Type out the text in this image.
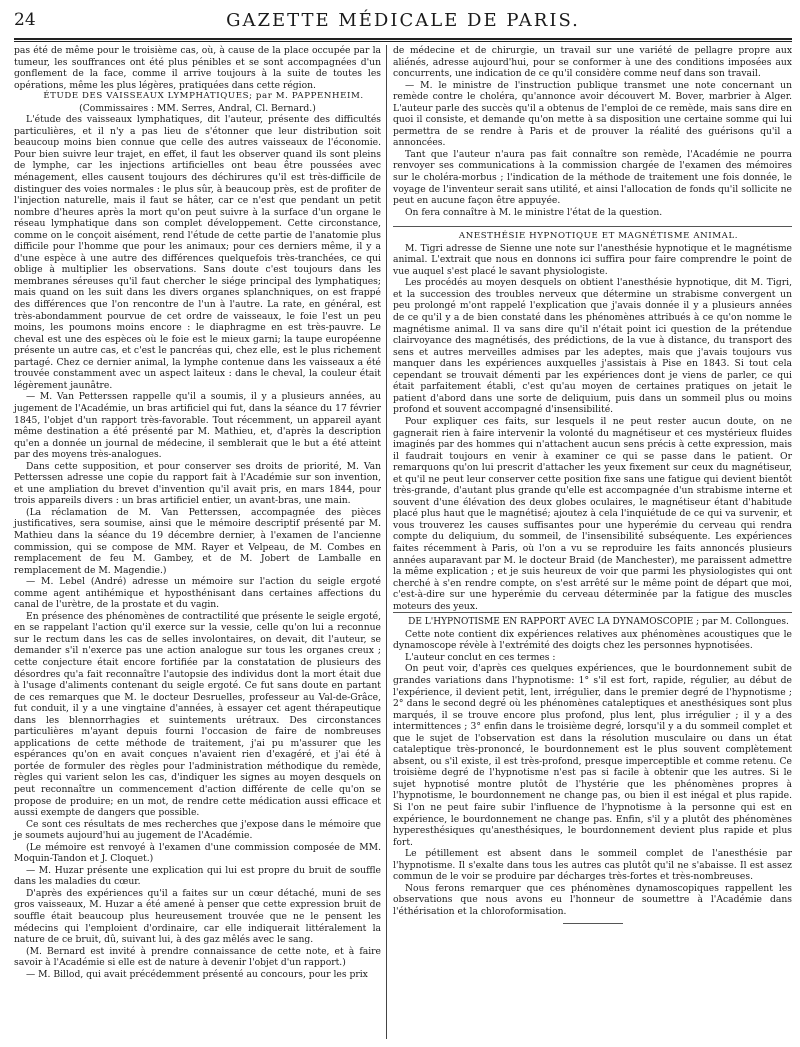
24	GAZETTE MÉDICALE DE PARIS.

pas été de même pour le troisième cas, où, à cause de la place occupée par la tumeur, les souffrances ont été plus pénibles et se sont accompagnées d'un gonflement de la face, comme il arrive toujours à la suite de toutes les opérations, même les plus légères, pratiquées dans cette région.

ÉTUDE DES VAISSEAUX LYMPHATIQUES; par M. PAPPENHEIM.

(Commissaires : MM. Serres, Andral, Cl. Bernard.)

L'étude des vaisseaux lymphatiques, dit l'auteur, présente des difficultés particulières, et il n'y a pas lieu de s'étonner que leur distribution soit beaucoup moins bien connue que celle des autres vaisseaux de l'économie. Pour bien suivre leur trajet, en effet, il faut les observer quand ils sont pleins de lymphe, car les injections artificielles ont beau être poussées avec ménagement, elles causent toujours des déchirures qu'il est très-difficile de distinguer des voies normales : le plus sûr, à beaucoup près, est de profiter de l'injection naturelle, mais il faut se hâter, car ce n'est que pendant un petit nombre d'heures après la mort qu'on peut suivre à la surface d'un organe le réseau lymphatique dans son complet développement. Cette circonstance, comme on le conçoit aisément, rend l'étude de cette partie de l'anatomie plus difficile pour l'homme que pour les animaux; pour ces derniers même, il y a d'une espèce à une autre des différences quelquefois très-tranchées, ce qui oblige à multiplier les observations. Sans doute c'est toujours dans les membranes séreuses qu'il faut chercher le siége principal des lymphatiques; mais quand on les suit dans les divers organes splanchniques, on est frappé des différences que l'on rencontre de l'un à l'autre. La rate, en général, est très-abondamment pourvue de cet ordre de vaisseaux, le foie l'est un peu moins, les poumons moins encore : le diaphragme en est très-pauvre. Le cheval est une des espèces où le foie est le mieux garni; la taupe européenne présente un autre cas, et c'est le pancréas qui, chez elle, est le plus richement partagé. Chez ce dernier animal, la lymphe contenue dans les vaisseaux a été trouvée constamment avec un aspect laiteux : dans le cheval, la couleur était légèrement jaunâtre.

— M. Van Petterssen rappelle qu'il a soumis, il y a plusieurs années, au jugement de l'Académie, un bras artificiel qui fut, dans la séance du 17 février 1845, l'objet d'un rapport très-favorable. Tout récemment, un appareil ayant même destination a été présenté par M. Mathieu, et, d'après la description qu'en a donnée un journal de médecine, il semblerait que le but a été atteint par des moyens très-analogues.

Dans cette supposition, et pour conserver ses droits de priorité, M. Van Petterssen adresse une copie du rapport fait à l'Académie sur son invention, et une ampliation du brevet d'invention qu'il avait pris, en mars 1844, pour trois appareils divers : un bras artificiel entier, un avant-bras, une main.

(La réclamation de M. Van Petterssen, accompagnée des pièces justificatives, sera soumise, ainsi que le mémoire descriptif présenté par M. Mathieu dans la séance du 19 décembre dernier, à l'examen de l'ancienne commission, qui se compose de MM. Rayer et Velpeau, de M. Combes en remplacement de feu M. Gambey, et de M. Jobert de Lamballe en remplacement de M. Magendie.)

— M. Lebel (André) adresse un mémoire sur l'action du seigle ergoté comme agent antihémique et hyposthénisant dans certaines affections du canal de l'urètre, de la prostate et du vagin.

En présence des phénomènes de contractilité que présente le seigle ergoté, en se rappelant l'action qu'il exerce sur la vessie, celle qu'on lui a reconnue sur le rectum dans les cas de selles involontaires, on devait, dit l'auteur, se demander s'il n'exerce pas une action analogue sur tous les organes creux ; cette conjecture était encore fortifiée par la constatation de plusieurs des désordres qu'a fait reconnaître l'autopsie des individus dont la mort était due à l'usage d'aliments contenant du seigle ergoté. Ce fut sans doute en partant de ces remarques que M. le docteur Desruelles, professeur au Val-de-Grâce, fut conduit, il y a une vingtaine d'années, à essayer cet agent thérapeutique dans les blennorrhagies et suintements urétraux. Des circonstances particulières m'ayant depuis fourni l'occasion de faire de nombreuses applications de cette méthode de traitement, j'ai pu m'assurer que les espérances qu'on en avait conçues n'avaient rien d'exagéré, et j'ai été à portée de formuler des règles pour l'administration méthodique du remède, règles qui varient selon les cas, d'indiquer les signes au moyen desquels on peut reconnaître un commencement d'action différente de celle qu'on se propose de produire; en un mot, de rendre cette médication aussi efficace et aussi exempte de dangers que possible.

Ce sont ces résultats de mes recherches que j'expose dans le mémoire que je soumets aujourd'hui au jugement de l'Académie.

(Le mémoire est renvoyé à l'examen d'une commission composée de MM. Moquin-Tandon et J. Cloquet.)

— M. Huzar présente une explication qui lui est propre du bruit de souffle dans les maladies du cœur.

D'après des expériences qu'il a faites sur un cœur détaché, muni de ses gros vaisseaux, M. Huzar a été amené à penser que cette expression bruit de souffle était beaucoup plus heureusement trouvée que ne le pensent les médecins qui l'emploient d'ordinaire, car elle indiquerait littéralement la nature de ce bruit, dû, suivant lui, à des gaz mêlés avec le sang.

(M. Bernard est invité à prendre connaissance de cette note, et à faire savoir à l'Académie si elle est de nature à devenir l'objet d'un rapport.)

— M. Billod, qui avait précédemment présenté au concours, pour les prix

de médecine et de chirurgie, un travail sur une variété de pellagre propre aux aliénés, adresse aujourd'hui, pour se conformer à une des conditions imposées aux concurrents, une indication de ce qu'il considère comme neuf dans son travail.

— M. le ministre de l'instruction publique transmet une note concernant un remède contre le choléra, qu'annonce avoir découvert M. Bover, marbrier à Alger. L'auteur parle des succès qu'il a obtenus de l'emploi de ce remède, mais sans dire en quoi il consiste, et demande qu'on mette à sa disposition une certaine somme qui lui permettra de se rendre à Paris et de prouver la réalité des guérisons qu'il a annoncées.

Tant que l'auteur n'aura pas fait connaître son remède, l'Académie ne pourra renvoyer ses communications à la commission chargée de l'examen des mémoires sur le choléra-morbus ; l'indication de la méthode de traitement une fois donnée, le voyage de l'inventeur serait sans utilité, et ainsi l'allocation de fonds qu'il sollicite ne peut en aucune façon être appuyée.

On fera connaître à M. le ministre l'état de la question.

ANESTHÉSIE HYPNOTIQUE ET MAGNÉTISME ANIMAL.

M. Tigri adresse de Sienne une note sur l'anesthésie hypnotique et le magnétisme animal. L'extrait que nous en donnons ici suffira pour faire comprendre le point de vue auquel s'est placé le savant physiologiste.

Les procédés au moyen desquels on obtient l'anesthésie hypnotique, dit M. Tigri, et la succession des troubles nerveux que détermine un strabisme convergent un peu prolongé m'ont rappelé l'explication que j'avais donnée il y a plusieurs années de ce qu'il y a de bien constaté dans les phénomènes attribués à ce qu'on nomme le magnétisme animal. Il va sans dire qu'il n'était point ici question de la prétendue clairvoyance des magnétisés, des prédictions, de la vue à distance, du transport des sens et autres merveilles admises par les adeptes, mais que j'avais toujours vus manquer dans les expériences auxquelles j'assistais à Pise en 1843. Si tout cela cependant se trouvait démenti par les expériences dont je viens de parler, ce qui était parfaitement établi, c'est qu'au moyen de certaines pratiques on jetait le patient d'abord dans une sorte de deliquium, puis dans un sommeil plus ou moins profond et souvent accompagné d'insensibilité.

Pour expliquer ces faits, sur lesquels il ne peut rester aucun doute, on ne gagnerait rien à faire intervenir la volonté du magnétiseur et ces mystérieux fluides imaginés par des hommes qui n'attachent aucun sens précis à cette expression, mais il faudrait toujours en venir à examiner ce qui se passe dans le patient. Or remarquons qu'on lui prescrit d'attacher les yeux fixement sur ceux du magnétiseur, et qu'il ne peut leur conserver cette position fixe sans une fatigue qui devient bientôt très-grande, d'autant plus grande qu'elle est accompagnée d'un strabisme interne et souvent d'une élévation des deux globes oculaires, le magnétiseur étant d'habitude placé plus haut que le magnétisé; ajoutez à cela l'inquiétude de ce qui va survenir, et vous trouverez les causes suffisantes pour une hyperémie du cerveau qui rendra compte du deliquium, du sommeil, de l'insensibilité subséquente. Les expériences faites récemment à Paris, où l'on a vu se reproduire les faits annoncés plusieurs années auparavant par M. le docteur Braid (de Manchester), me paraissent admettre la même explication ; et je suis heureux de voir que parmi les physiologistes qui ont cherché à s'en rendre compte, on s'est arrêté sur le même point de départ que moi, c'est-à-dire sur une hyperémie du cerveau déterminée par la fatigue des muscles moteurs des yeux.

DE L'HYPNOTISME EN RAPPORT AVEC LA DYNAMOSCOPIE ; par M. Collongues.

Cette note contient dix expériences relatives aux phénomènes acoustiques que le dynamoscope révèle à l'extrémité des doigts chez les personnes hypnotisées.

L'auteur conclut en ces termes :

On peut voir, d'après ces quelques expériences, que le bourdonnement subit de grandes variations dans l'hypnotisme: 1° s'il est fort, rapide, régulier, au début de l'expérience, il devient petit, lent, irrégulier, dans le premier degré de l'hypnotisme ; 2° dans le second degré où les phénomènes cataleptiques et anesthésiques sont plus marqués, il se trouve encore plus profond, plus lent, plus irrégulier ; il y a des intermittences ; 3° enfin dans le troisième degré, lorsqu'il y a du sommeil complet et que le sujet de l'observation est dans la résolution musculaire ou dans un état cataleptique très-prononcé, le bourdonnement est le plus souvent complètement absent, ou s'il existe, il est très-profond, presque imperceptible et comme retenu. Ce troisième degré de l'hypnotisme n'est pas si facile à obtenir que les autres. Si le sujet hypnotisé montre plutôt de l'hystérie que les phénomènes propres à l'hypnotisme, le bourdonnement ne change pas, ou bien il est inégal et plus rapide. Si l'on ne peut faire subir l'influence de l'hypnotisme à la personne qui est en expérience, le bourdonnement ne change pas. Enfin, s'il y a plutôt des phénomènes hyperesthésiques qu'anesthésiques, le bourdonnement devient plus rapide et plus fort.

Le pétillement est absent dans le sommeil complet de l'anesthésie par l'hypnotisme. Il s'exalte dans tous les autres cas plutôt qu'il ne s'abaisse. Il est assez commun de le voir se produire par décharges très-fortes et très-nombreuses.

Nous ferons remarquer que ces phénomènes dynamoscopiques rappellent les observations que nous avons eu l'honneur de soumettre à l'Académie dans l'éthérisation et la chloroformisation.
